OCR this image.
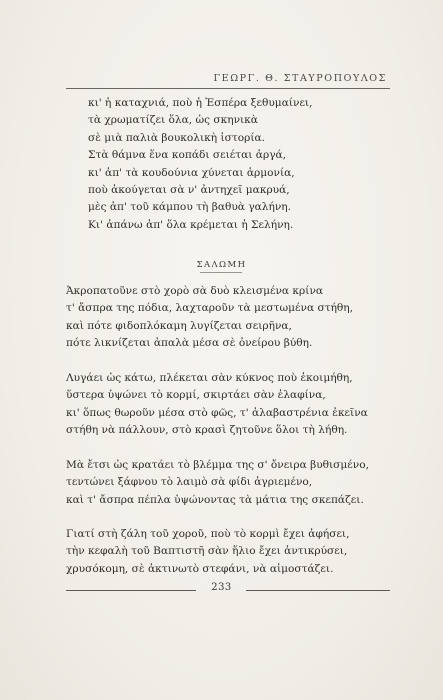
ΓΕΩΡΓ. Θ. ΣΤΑΥΡΟΠΟΥΛΟΣ
κι' ἡ καταχνιά, ποὺ ἡ Ἑσπέρα ξεθυμαίνει,
τὰ χρωματίζει ὅλα, ὡς σκηνικὰ
σὲ μιὰ παλιὰ βουκολικὴ ἱστορία.
Στὰ θάμνα ἕνα κοπάδι σειέται ἀργά,
κι' ἀπ' τὰ κουδούνια χύνεται ἁρμονία,
ποὺ ἀκούγεται σὰ ν' ἀντηχεῖ μακρυά,
μὲς ἀπ' τοῦ κάμπου τὴ βαθυὰ γαλήνη.
Κι' ἀπάνω ἀπ' ὅλα κρέμεται ἡ Σελήνη.
ΣΑΛΩΜΗ
Ἀκροπατοῦνε στὸ χορὸ σὰ δυὸ κλεισμένα κρίνα
τ' ἄσπρα της πόδια, λαχταροῦν τὰ μεστωμένα στήθη,
καὶ πότε φιδοπλόκαμη λυγίζεται σειρῆνα,
πότε λικνίζεται ἁπαλὰ μέσα σὲ ὀνείρου βύθη.
Λυγάει ὡς κάτω, πλέκεται σὰν κύκνος ποὺ ἐκοιμήθη,
ὕστερα ὑψώνει τὸ κορμί, σκιρτάει σὰν ἐλαφίνα,
κι' ὅπως θωροῦν μέσα στὸ φῶς, τ' ἀλαβαστρένια ἐκεῖνα
στήθη νὰ πάλλουν, στὸ κρασὶ ζητοῦνε ὅλοι τὴ λήθη.
Μὰ ἔτσι ὡς κρατάει τὸ βλέμμα της σ' ὄνειρα βυθισμένο,
τεντώνει ξάφνου τὸ λαιμὸ σὰ φίδι ἀγριεμένο,
καὶ τ' ἄσπρα πέπλα ὑψώνοντας τὰ μάτια της σκεπάζει.
Γιατί στὴ ζάλη τοῦ χοροῦ, ποὺ τὸ κορμὶ ἔχει ἀφήσει,
τὴν κεφαλὴ τοῦ Βαπτιστῆ σὰν ἥλιο ἔχει ἀντικρύσει,
χρυσόκομη, σὲ ἀκτινωτὸ στεφάνι, νὰ αἱμοστάζει.
233
